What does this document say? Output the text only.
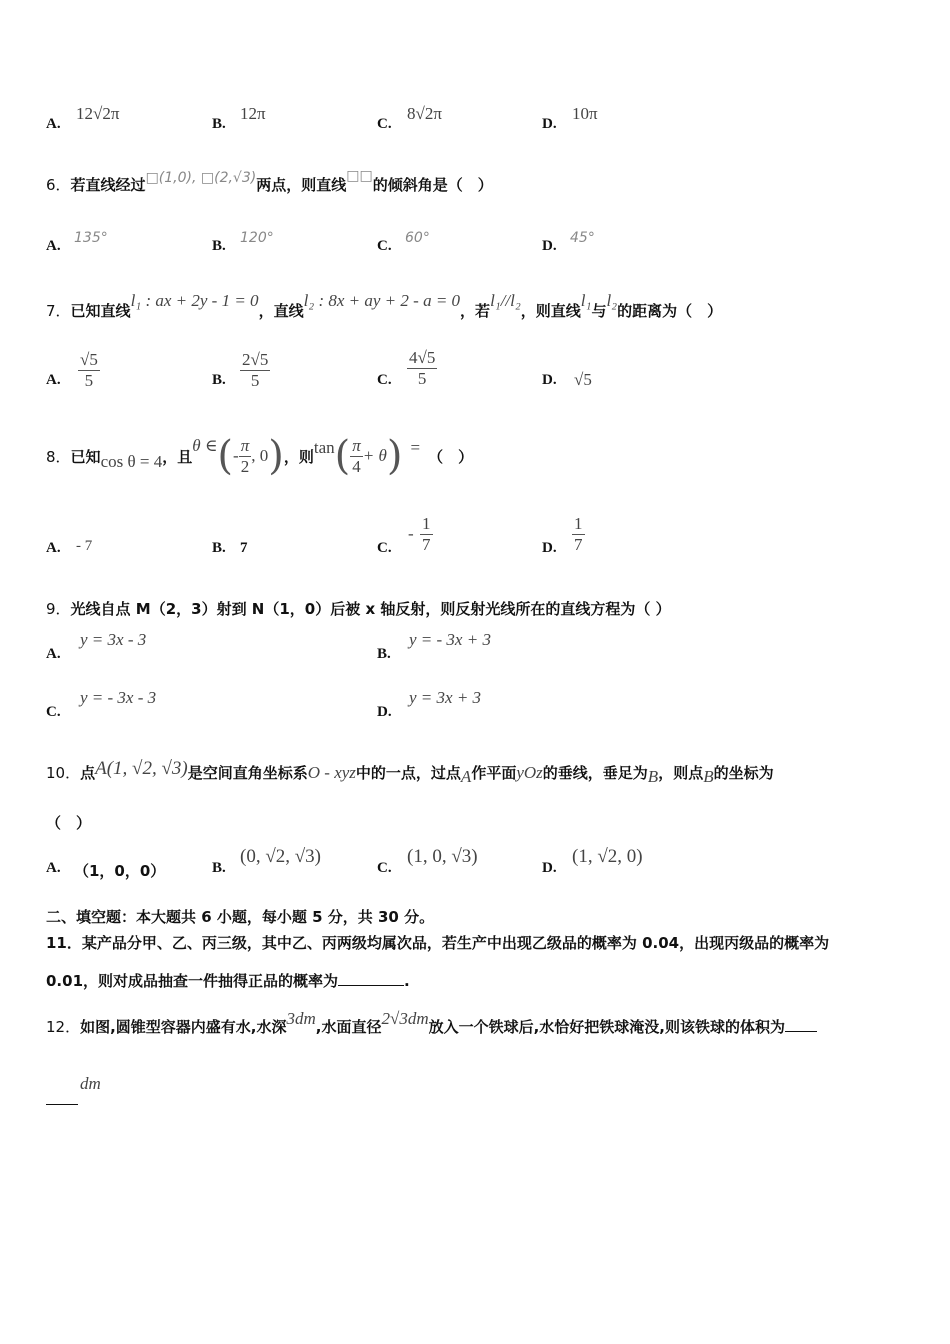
A.
12√2π
B.
12π
C.
8√2π
D.
10π
6．若直线经过□(1,0), □(2,√3)两点，则直线□□的倾斜角是（　）
A. 135°	B. 120°	C. 60°	D. 45°
7．已知直线l₁ : ax + 2y - 1 = 0，直线l₂ : 8x + ay + 2 - a = 0，若l₁//l₂，则直线l₁与l₂的距离为（　）
A. $\frac{√5}{5}$	B. $\frac{2√5}{5}$	C. $\frac{4√5}{5}$	D. √5
8． 已知 cos θ = 4 ，且
θ ∈ ( - $\frac{\pi}{2}$ , 0 ) ，则 tan ( $\frac{\pi}{4} + \theta$ ) = （　）
A. - 7	B. 7	C.
- $\frac{1}{7}$	D. $\frac{1}{7}$
9．光线自点 M（2，3）射到 N（1，0）后被 x 轴反射，则反射光线所在的直线方程为（ ）
A.
y = 3x - 3
B.
y = - 3x + 3
C.
y = - 3x - 3
D.
y = 3x + 3
10．点A(1, √2, √3)是空间直角坐标系O - xyz中的一点，过点A作平面yOz的垂线，垂足为B，则点B的坐标为
（　）
A. （1，0，0）	B.
(0, √2, √3)
C.
(1, 0, √3)
D.
(1, √2, 0)
二、填空题：本大题共 6 小题，每小题 5 分，共 30 分。
11．某产品分甲、乙、丙三级，其中乙、丙两级均属次品，若生产中出现乙级品的概率为 0.04，出现丙级品的概率为
0.01，则对成品抽查一件抽得正品的概率为	.
12．如图,圆锥型容器内盛有水,水深3dm,水面直径2√3dm放入一个铁球后,水恰好把铁球淹没,则该铁球的体积为
dm
